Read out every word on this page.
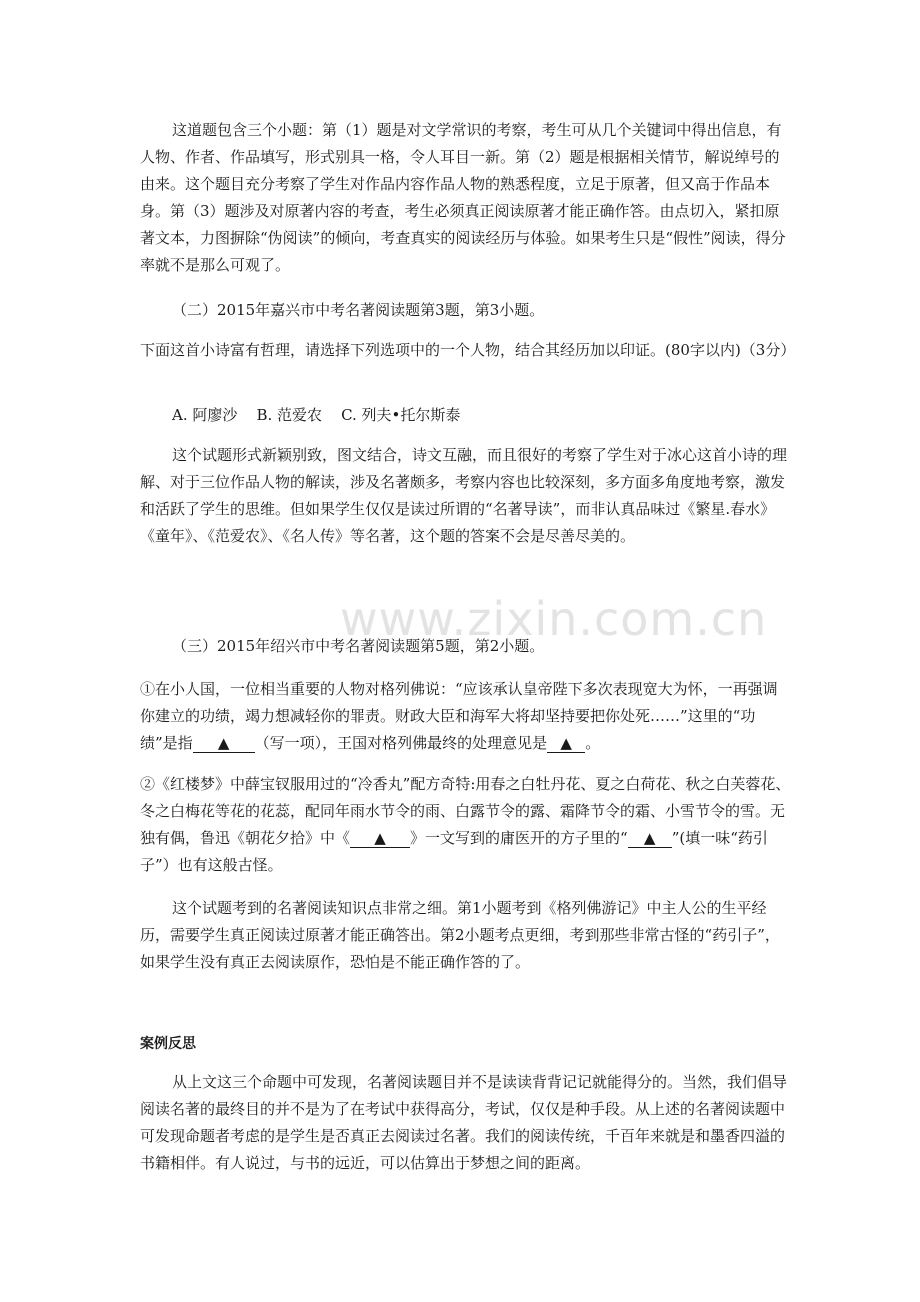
这道题包含三个小题：第（1）题是对文学常识的考察，考生可从几个关键词中得出信息，有人物、作者、作品填写，形式别具一格，令人耳目一新。第（2）题是根据相关情节，解说绰号的由来。这个题目充分考察了学生对作品内容作品人物的熟悉程度，立足于原著，但又高于作品本身。第（3）题涉及对原著内容的考查，考生必须真正阅读原著才能正确作答。由点切入，紧扣原著文本，力图摒除“伪阅读”的倾向，考查真实的阅读经历与体验。如果考生只是“假性”阅读，得分率就不是那么可观了。

（二）2015年嘉兴市中考名著阅读题第3题，第3小题。

下面这首小诗富有哲理，请选择下列选项中的一个人物，结合其经历加以印证。(80字以内)（3分）

A. 阿廖沙    B. 范爱农    C. 列夫•托尔斯泰

这个试题形式新颖别致，图文结合，诗文互融，而且很好的考察了学生对于冰心这首小诗的理解、对于三位作品人物的解读，涉及名著颇多，考察内容也比较深刻，多方面多角度地考察，激发和活跃了学生的思维。但如果学生仅仅是读过所谓的“名著导读”，而非认真品味过《繁星.春水》《童年》、《范爱农》、《名人传》等名著，这个题的答案不会是尽善尽美的。

www.zixin.com.cn

（三）2015年绍兴市中考名著阅读题第5题，第2小题。

①在小人国，一位相当重要的人物对格列佛说：“应该承认皇帝陛下多次表现宽大为怀，一再强调你建立的功绩，竭力想减轻你的罪责。财政大臣和海军大将却坚持要把你处死……”这里的“功绩”是指 ▲ （写一项），王国对格列佛最终的处理意见是 ▲ 。

②《红楼梦》中薛宝钗服用过的“冷香丸”配方奇特:用春之白牡丹花、夏之白荷花、秋之白芙蓉花、冬之白梅花等花的花蕊，配同年雨水节令的雨、白露节令的露、霜降节令的霜、小雪节令的雪。无独有偶，鲁迅《朝花夕拾》中《 ▲ 》一文写到的庸医开的方子里的“ ▲ ”(填一味“药引子”）也有这般古怪。

这个试题考到的名著阅读知识点非常之细。第1小题考到《格列佛游记》中主人公的生平经历，需要学生真正阅读过原著才能正确答出。第2小题考点更细，考到那些非常古怪的“药引子”，如果学生没有真正去阅读原作，恐怕是不能正确作答的了。

案例反思

从上文这三个命题中可发现，名著阅读题目并不是读读背背记记就能得分的。当然，我们倡导阅读名著的最终目的并不是为了在考试中获得高分，考试，仅仅是种手段。从上述的名著阅读题中可发现命题者考虑的是学生是否真正去阅读过名著。我们的阅读传统，千百年来就是和墨香四溢的书籍相伴。有人说过，与书的远近，可以估算出于梦想之间的距离。
